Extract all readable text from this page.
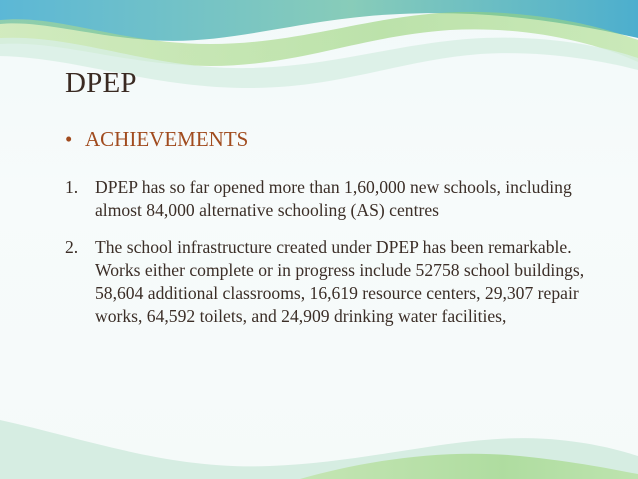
DPEP
• ACHIEVEMENTS
1. DPEP has so far opened more than 1,60,000 new schools, including almost 84,000 alternative schooling (AS) centres
2. The school infrastructure created under DPEP has been remarkable. Works either complete or in progress include 52758 school buildings, 58,604 additional classrooms, 16,619 resource centers, 29,307 repair works, 64,592 toilets, and 24,909 drinking water facilities,
